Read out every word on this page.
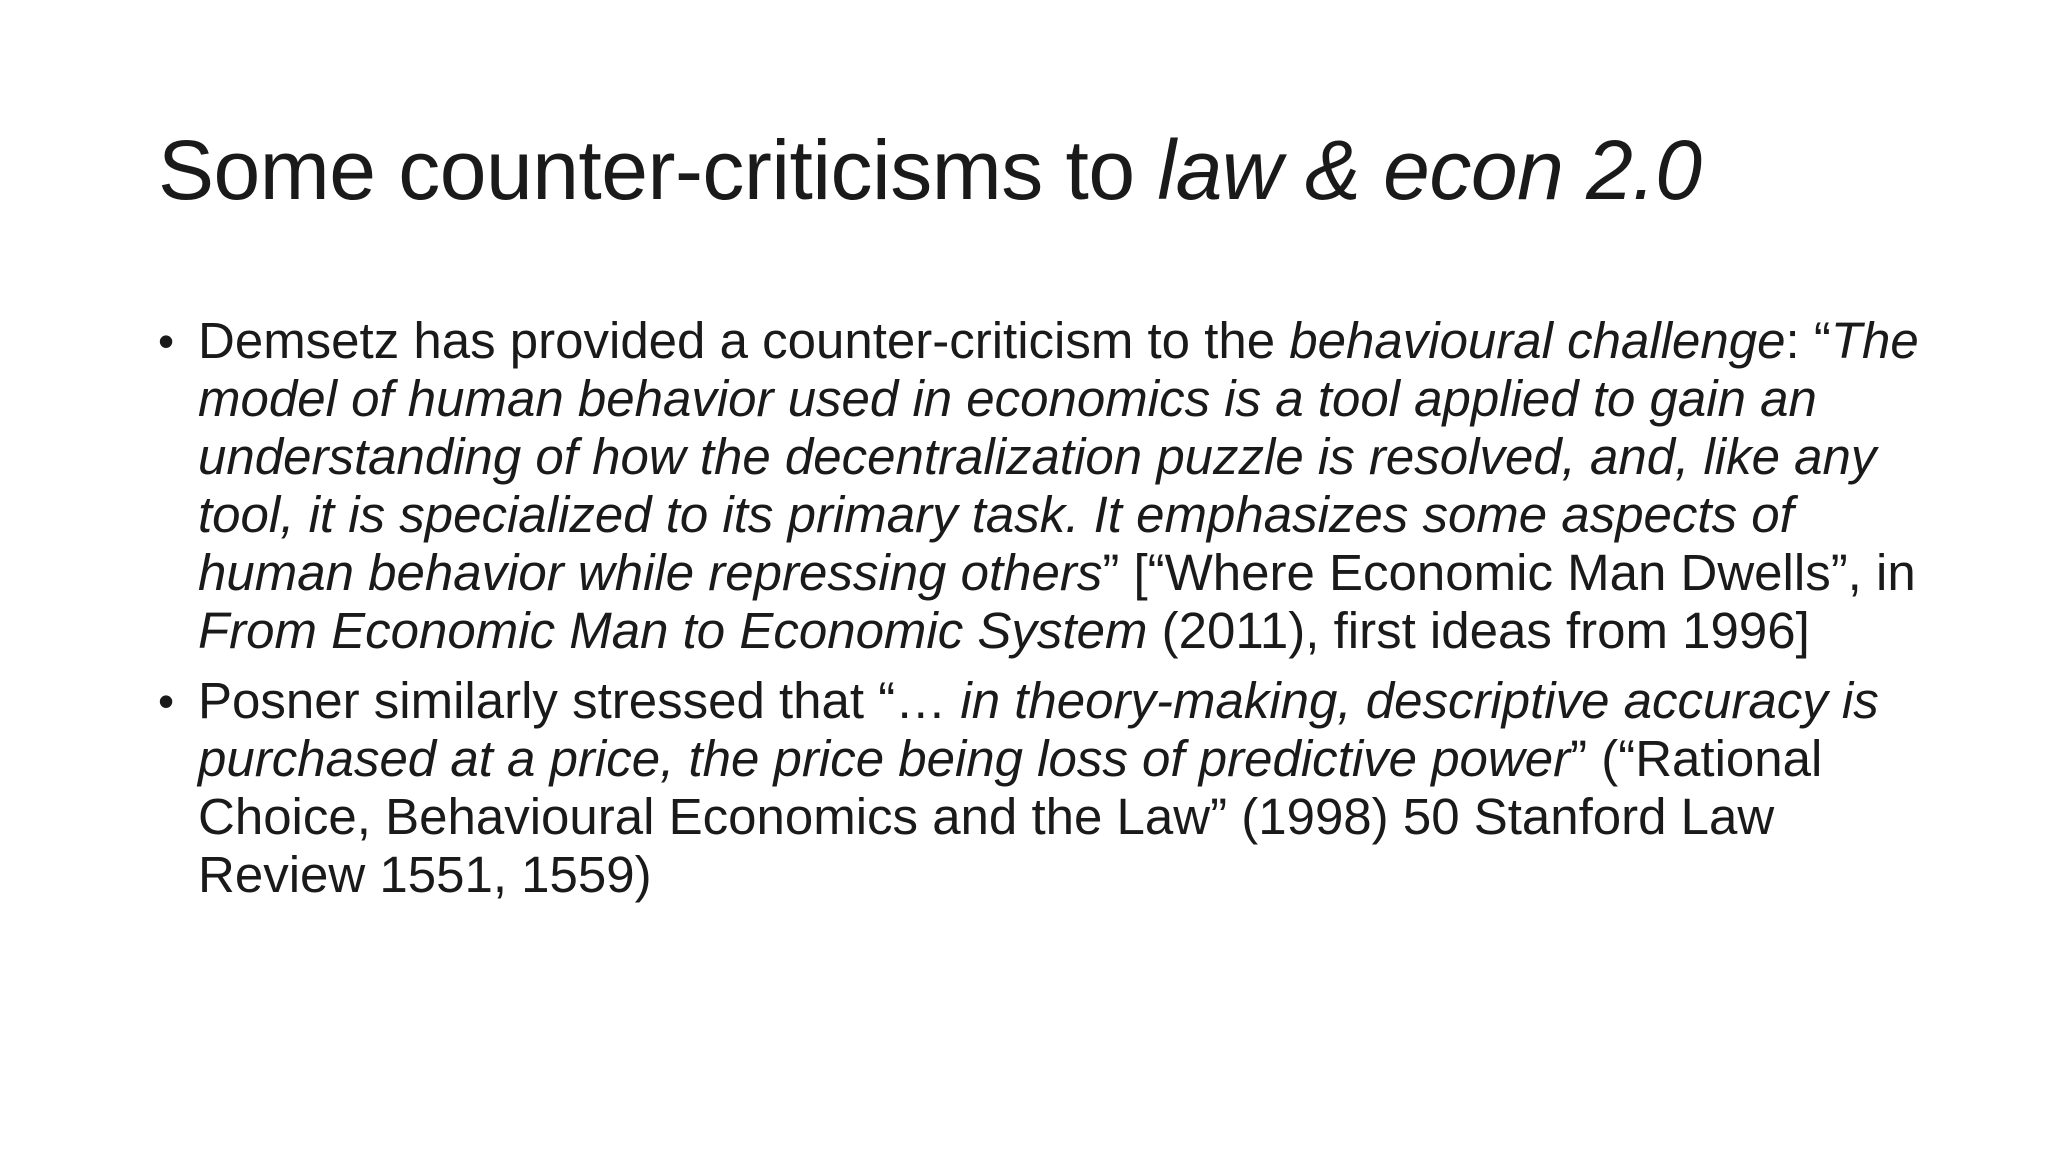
Some counter-criticisms to law & econ 2.0
• Demsetz has provided a counter-criticism to the behavioural challenge: “The model of human behavior used in economics is a tool applied to gain an understanding of how the decentralization puzzle is resolved, and, like any tool, it is specialized to its primary task. It emphasizes some aspects of human behavior while repressing others” [“Where Economic Man Dwells”, in From Economic Man to Economic System (2011), first ideas from 1996]
• Posner similarly stressed that “… in theory-making, descriptive accuracy is purchased at a price, the price being loss of predictive power” (“Rational Choice, Behavioural Economics and the Law” (1998) 50 Stanford Law Review 1551, 1559)
